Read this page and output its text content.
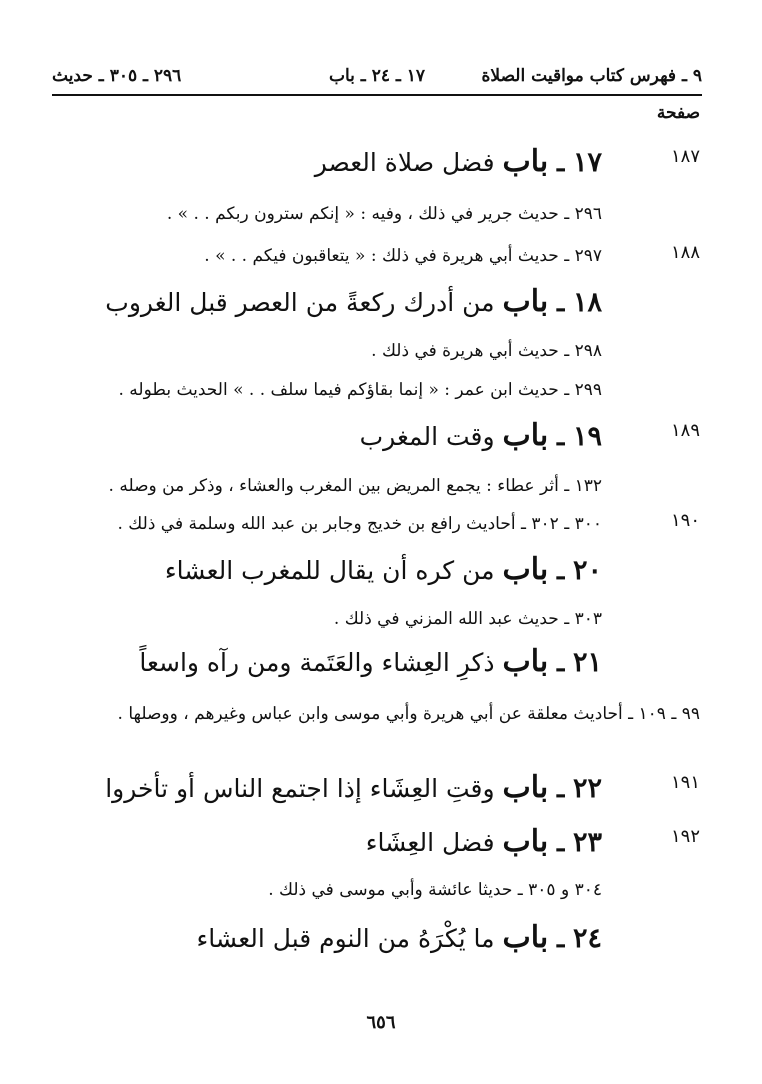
٩ ـ فهرس كتاب مواقيت الصلاة
١٧ ـ ٢٤ ـ باب
٢٩٦ ـ ٣٠٥ ـ حديث
صفحة
١٨٧
١٧ ـ باب فضل صلاة العصر
٢٩٦ ـ حديث جرير في ذلك ، وفيه : « إنكم سترون ربكم . . » .
١٨٨
٢٩٧ ـ حديث أبي هريرة في ذلك : « يتعاقبون فيكم . . » .
١٨ ـ باب من أدرك ركعةً من العصر قبل الغروب
٢٩٨ ـ حديث أبي هريرة في ذلك .
٢٩٩ ـ حديث ابن عمر : « إنما بقاؤكم فيما سلف . . » الحديث بطوله .
١٨٩
١٩ ـ باب وقت المغرب
١٣٢ ـ أثر عطاء : يجمع المريض بين المغرب والعشاء ، وذكر من وصله .
١٩٠
٣٠٠ ـ ٣٠٢ ـ أحاديث رافع بن خديج وجابر بن عبد الله وسلمة في ذلك .
٢٠ ـ باب من كره أن يقال للمغرب العشاء
٣٠٣ ـ حديث عبد الله المزني في ذلك .
٢١ ـ باب ذكرِ العِشاء والعَتَمة ومن رآه واسعاً
٩٩ ـ ١٠٩ ـ أحاديث معلقة عن أبي هريرة وأبي موسى وابن عباس وغيرهم ، ووصلها .
١٩١
٢٢ ـ باب وقتِ العِشَاء إذا اجتمع الناس أو تأخروا
١٩٢
٢٣ ـ باب فضل العِشَاء
٣٠٤ و ٣٠٥ ـ حديثا عائشة وأبي موسى في ذلك .
٢٤ ـ باب ما يُكْرَهُ من النوم قبل العشاء
٦٥٦
